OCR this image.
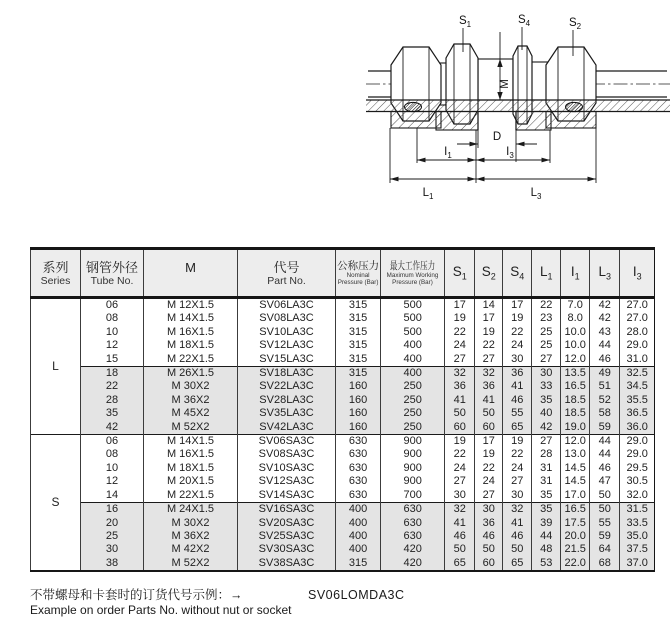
$S_1$	$S_4$	$S_2$
M
D
$I_1$	$I_3$
$L_1$	$L_3$
系列
Series

钢管外径
Tube No.

M	代号
Part No.

公称压力
Nominal
Pressure (Bar)

最大工作压力
Maximum Working
Pressure (Bar)
	$S_1$	$S_2$	$S_4$	$L_1$	$I_1$	$L_3$	$I_3$
L	06	M 12X1.5	SV06LA3C	315	500	17	14	17	22	7.0	42	27.0
	08	M 14X1.5	SV08LA3C	315	500	19	17	19	23	8.0	42	27.0
	10	M 16X1.5	SV10LA3C	315	500	22	19	22	25	10.0	43	28.0
	12	M 18X1.5	SV12LA3C	315	400	24	22	24	25	10.0	44	29.0
	15	M 22X1.5	SV15LA3C	315	400	27	27	30	27	12.0	46	31.0
	18	M 26X1.5	SV18LA3C	315	400	32	32	36	30	13.5	49	32.5
	22	M 30X2	SV22LA3C	160	250	36	36	41	33	16.5	51	34.5
	28	M 36X2	SV28LA3C	160	250	41	41	46	35	18.5	52	35.5
	35	M 45X2	SV35LA3C	160	250	50	50	55	40	18.5	58	36.5
	42	M 52X2	SV42LA3C	160	250	60	60	65	42	19.0	59	36.0
S	06	M 14X1.5	SV06SA3C	630	900	19	17	19	27	12.0	44	29.0
	08	M 16X1.5	SV08SA3C	630	900	22	19	22	28	13.0	44	29.0
	10	M 18X1.5	SV10SA3C	630	900	24	22	24	31	14.5	46	29.5
	12	M 20X1.5	SV12SA3C	630	900	27	24	27	31	14.5	47	30.5
	14	M 22X1.5	SV14SA3C	630	700	30	27	30	35	17.0	50	32.0
	16	M 24X1.5	SV16SA3C	400	630	32	30	32	35	16.5	50	31.5
	20	M 30X2	SV20SA3C	400	630	41	36	41	39	17.5	55	33.5
	25	M 36X2	SV25SA3C	400	630	46	46	46	44	20.0	59	35.0
	30	M 42X2	SV30SA3C	400	420	50	50	50	48	21.5	64	37.5
	38	M 52X2	SV38SA3C	315	420	65	60	65	53	22.0	68	37.0
不带螺母和卡套时的订货代号示例：→	SV06LOMDA3C
Example on order Parts No. without nut or socket
